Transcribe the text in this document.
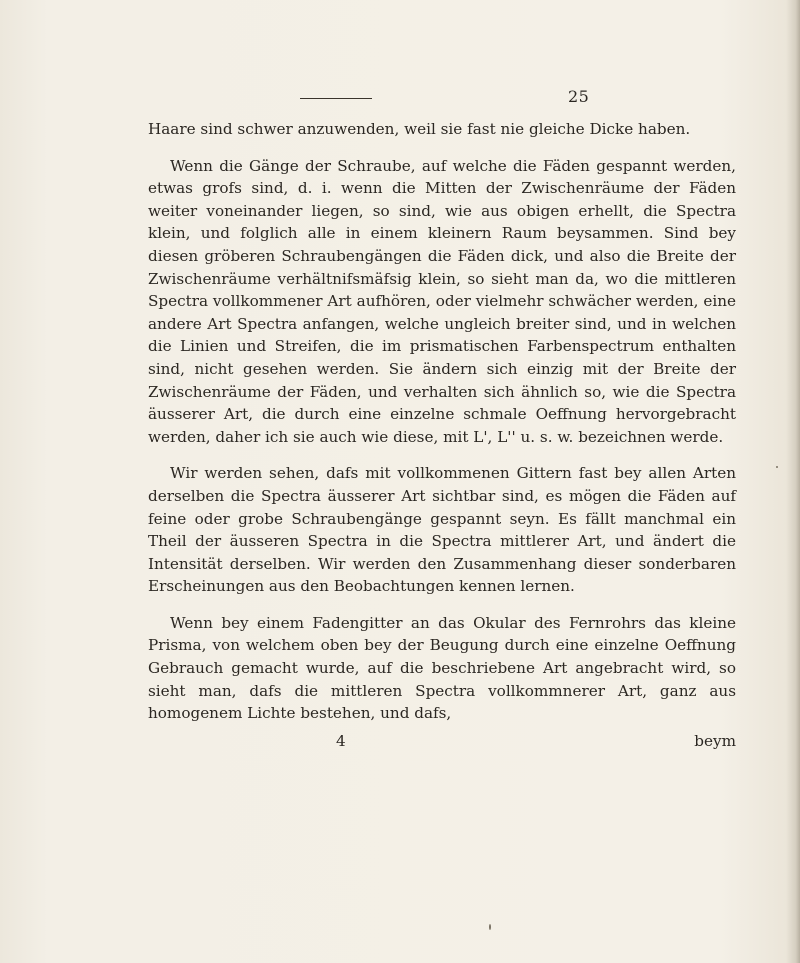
25

Haare sind schwer anzuwenden, weil sie fast nie gleiche Dicke haben.

Wenn die Gänge der Schraube, auf welche die Fäden gespannt werden, etwas grofs sind, d. i. wenn die Mitten der Zwischenräume der Fäden weiter voneinander liegen, so sind, wie aus obigen erhellt, die Spectra klein, und folglich alle in einem kleinern Raum beysammen. Sind bey diesen gröberen Schraubengängen die Fäden dick, und also die Breite der Zwischenräume verhältnifsmäfsig klein, so sieht man da, wo die mittleren Spectra vollkommener Art aufhören, oder vielmehr schwächer werden, eine andere Art Spectra anfangen, welche ungleich breiter sind, und in welchen die Linien und Streifen, die im prismatischen Farbenspectrum enthalten sind, nicht gesehen werden. Sie ändern sich einzig mit der Breite der Zwischenräume der Fäden, und verhalten sich ähnlich so, wie die Spectra äusserer Art, die durch eine einzelne schmale Oeffnung hervorgebracht werden, daher ich sie auch wie diese, mit L', L'' u. s. w. bezeichnen werde.

Wir werden sehen, dafs mit vollkommenen Gittern fast bey allen Arten derselben die Spectra äusserer Art sichtbar sind, es mögen die Fäden auf feine oder grobe Schraubengänge gespannt seyn. Es fällt manchmal ein Theil der äusseren Spectra in die Spectra mittlerer Art, und ändert die Intensität derselben. Wir werden den Zusammenhang dieser sonderbaren Erscheinungen aus den Beobachtungen kennen lernen.

Wenn bey einem Fadengitter an das Okular des Fernrohrs das kleine Prisma, von welchem oben bey der Beugung durch eine einzelne Oeffnung Gebrauch gemacht wurde, auf die beschriebene Art angebracht wird, so sieht man, dafs die mittleren Spectra vollkommnerer Art, ganz aus homogenem Lichte bestehen, und dafs,

4	beym
